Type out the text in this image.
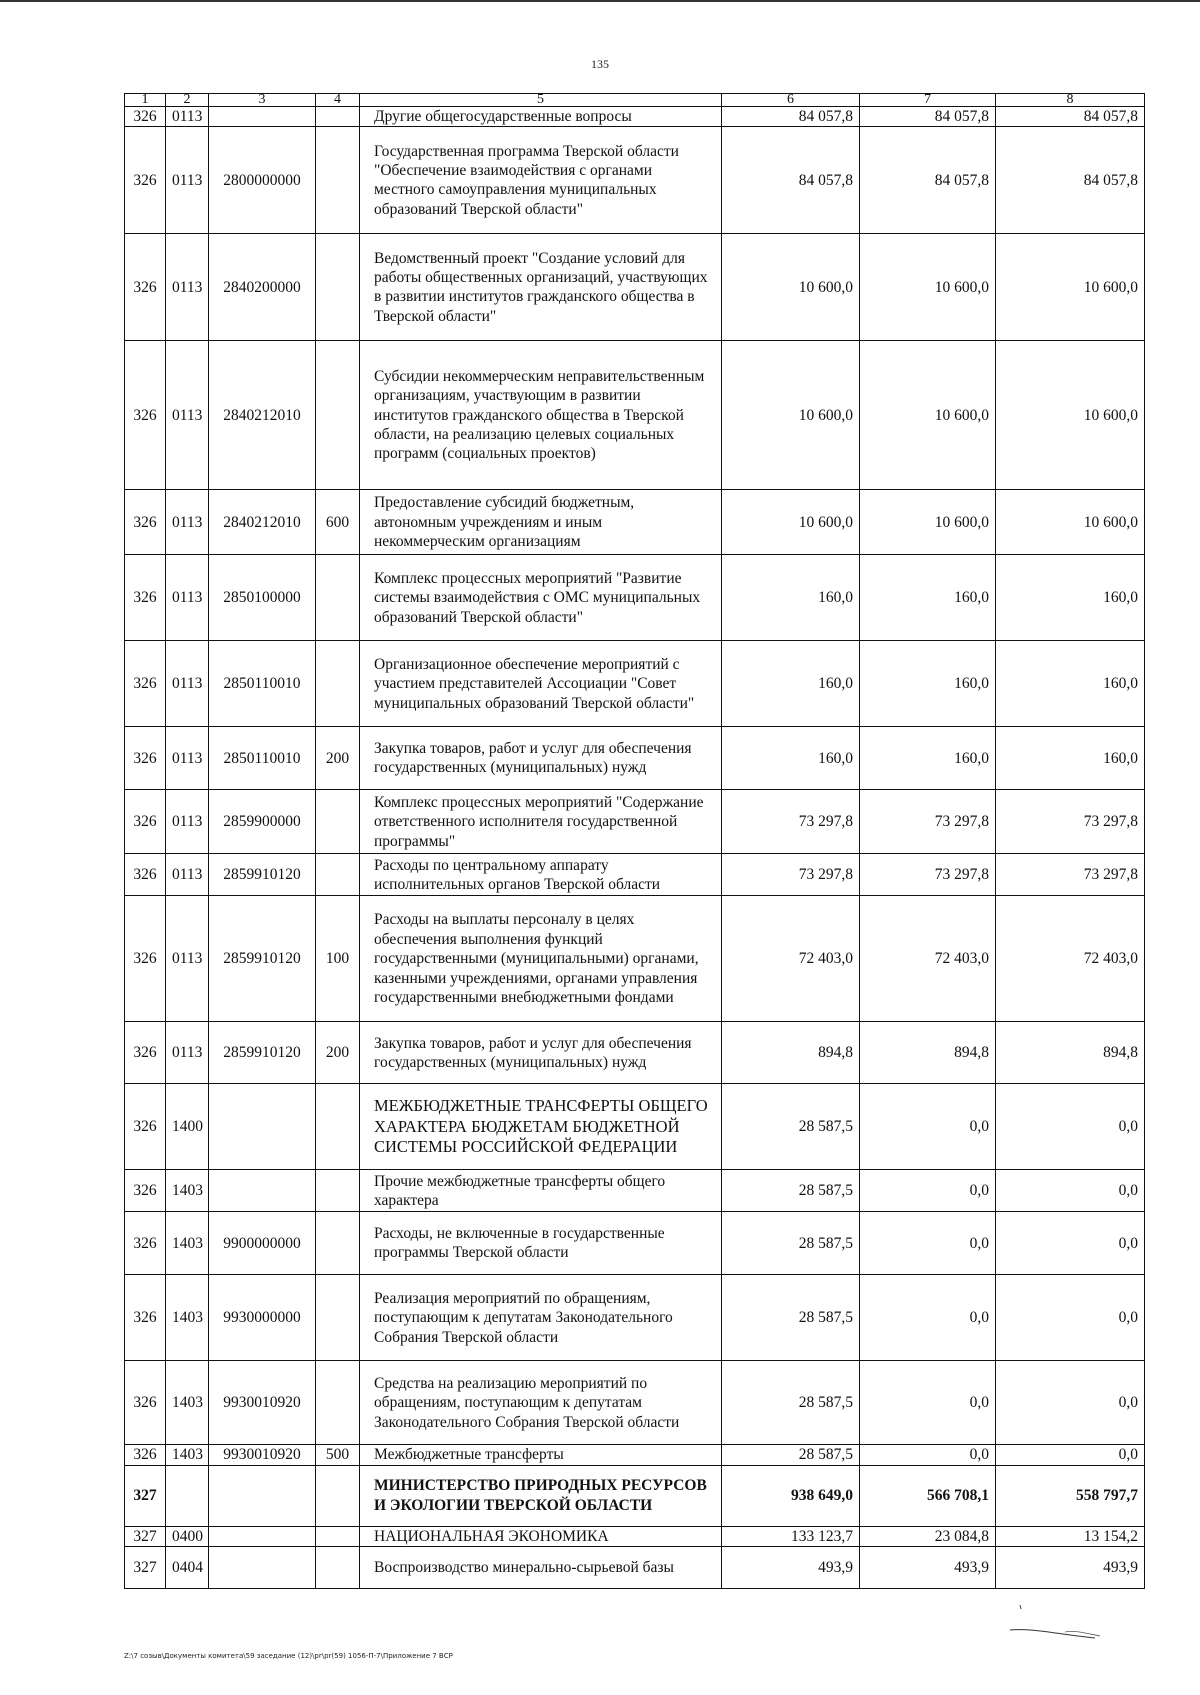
135
1	2	3	4	5	6	7	8
326	0113			Другие общегосударственные вопросы	84 057,8	84 057,8	84 057,8
326	0113	2800000000		Государственная программа Тверской области "Обеспечение взаимодействия с органами местного самоуправления муниципальных образований Тверской области"	84 057,8	84 057,8	84 057,8
326	0113	2840200000		Ведомственный проект "Создание условий для работы общественных организаций, участвующих в развитии институтов гражданского общества в Тверской области"	10 600,0	10 600,0	10 600,0
326	0113	2840212010		Субсидии некоммерческим неправительственным организациям, участвующим в развитии институтов гражданского общества в Тверской области, на реализацию целевых социальных программ (социальных проектов)	10 600,0	10 600,0	10 600,0
326	0113	2840212010	600	Предоставление субсидий бюджетным, автономным учреждениям и иным некоммерческим организациям	10 600,0	10 600,0	10 600,0
326	0113	2850100000		Комплекс процессных мероприятий "Развитие системы взаимодействия с ОМС муниципальных образований Тверской области"	160,0	160,0	160,0
326	0113	2850110010		Организационное обеспечение мероприятий с участием представителей Ассоциации "Совет муниципальных образований Тверской области"	160,0	160,0	160,0
326	0113	2850110010	200	Закупка товаров, работ и услуг для обеспечения государственных (муниципальных) нужд	160,0	160,0	160,0
326	0113	2859900000		Комплекс процессных мероприятий "Содержание ответственного исполнителя государственной программы"	73 297,8	73 297,8	73 297,8
326	0113	2859910120		Расходы по центральному аппарату исполнительных органов Тверской области	73 297,8	73 297,8	73 297,8
326	0113	2859910120	100	Расходы на выплаты персоналу в целях обеспечения выполнения функций государственными (муниципальными) органами, казенными учреждениями, органами управления государственными внебюджетными фондами	72 403,0	72 403,0	72 403,0
326	0113	2859910120	200	Закупка товаров, работ и услуг для обеспечения государственных (муниципальных) нужд	894,8	894,8	894,8
326	1400			МЕЖБЮДЖЕТНЫЕ ТРАНСФЕРТЫ ОБЩЕГО ХАРАКТЕРА БЮДЖЕТАМ БЮДЖЕТНОЙ СИСТЕМЫ РОССИЙСКОЙ ФЕДЕРАЦИИ	28 587,5	0,0	0,0
326	1403			Прочие межбюджетные трансферты общего характера	28 587,5	0,0	0,0
326	1403	9900000000		Расходы, не включенные в государственные программы Тверской области	28 587,5	0,0	0,0
326	1403	9930000000		Реализация мероприятий по обращениям, поступающим к депутатам Законодательного Собрания Тверской области	28 587,5	0,0	0,0
326	1403	9930010920		Средства на реализацию мероприятий по обращениям, поступающим к депутатам Законодательного Собрания Тверской области	28 587,5	0,0	0,0
326	1403	9930010920	500	Межбюджетные трансферты	28 587,5	0,0	0,0
327				МИНИСТЕРСТВО ПРИРОДНЫХ РЕСУРСОВ И ЭКОЛОГИИ ТВЕРСКОЙ ОБЛАСТИ	938 649,0	566 708,1	558 797,7
327	0400			НАЦИОНАЛЬНАЯ ЭКОНОМИКА	133 123,7	23 084,8	13 154,2
327	0404			Воспроизводство минерально-сырьевой базы	493,9	493,9	493,9
Z:\7 созыв\Документы комитета\59 заседание (12)\pr\pr(59) 1056-П-7\Приложение 7 ВСР
